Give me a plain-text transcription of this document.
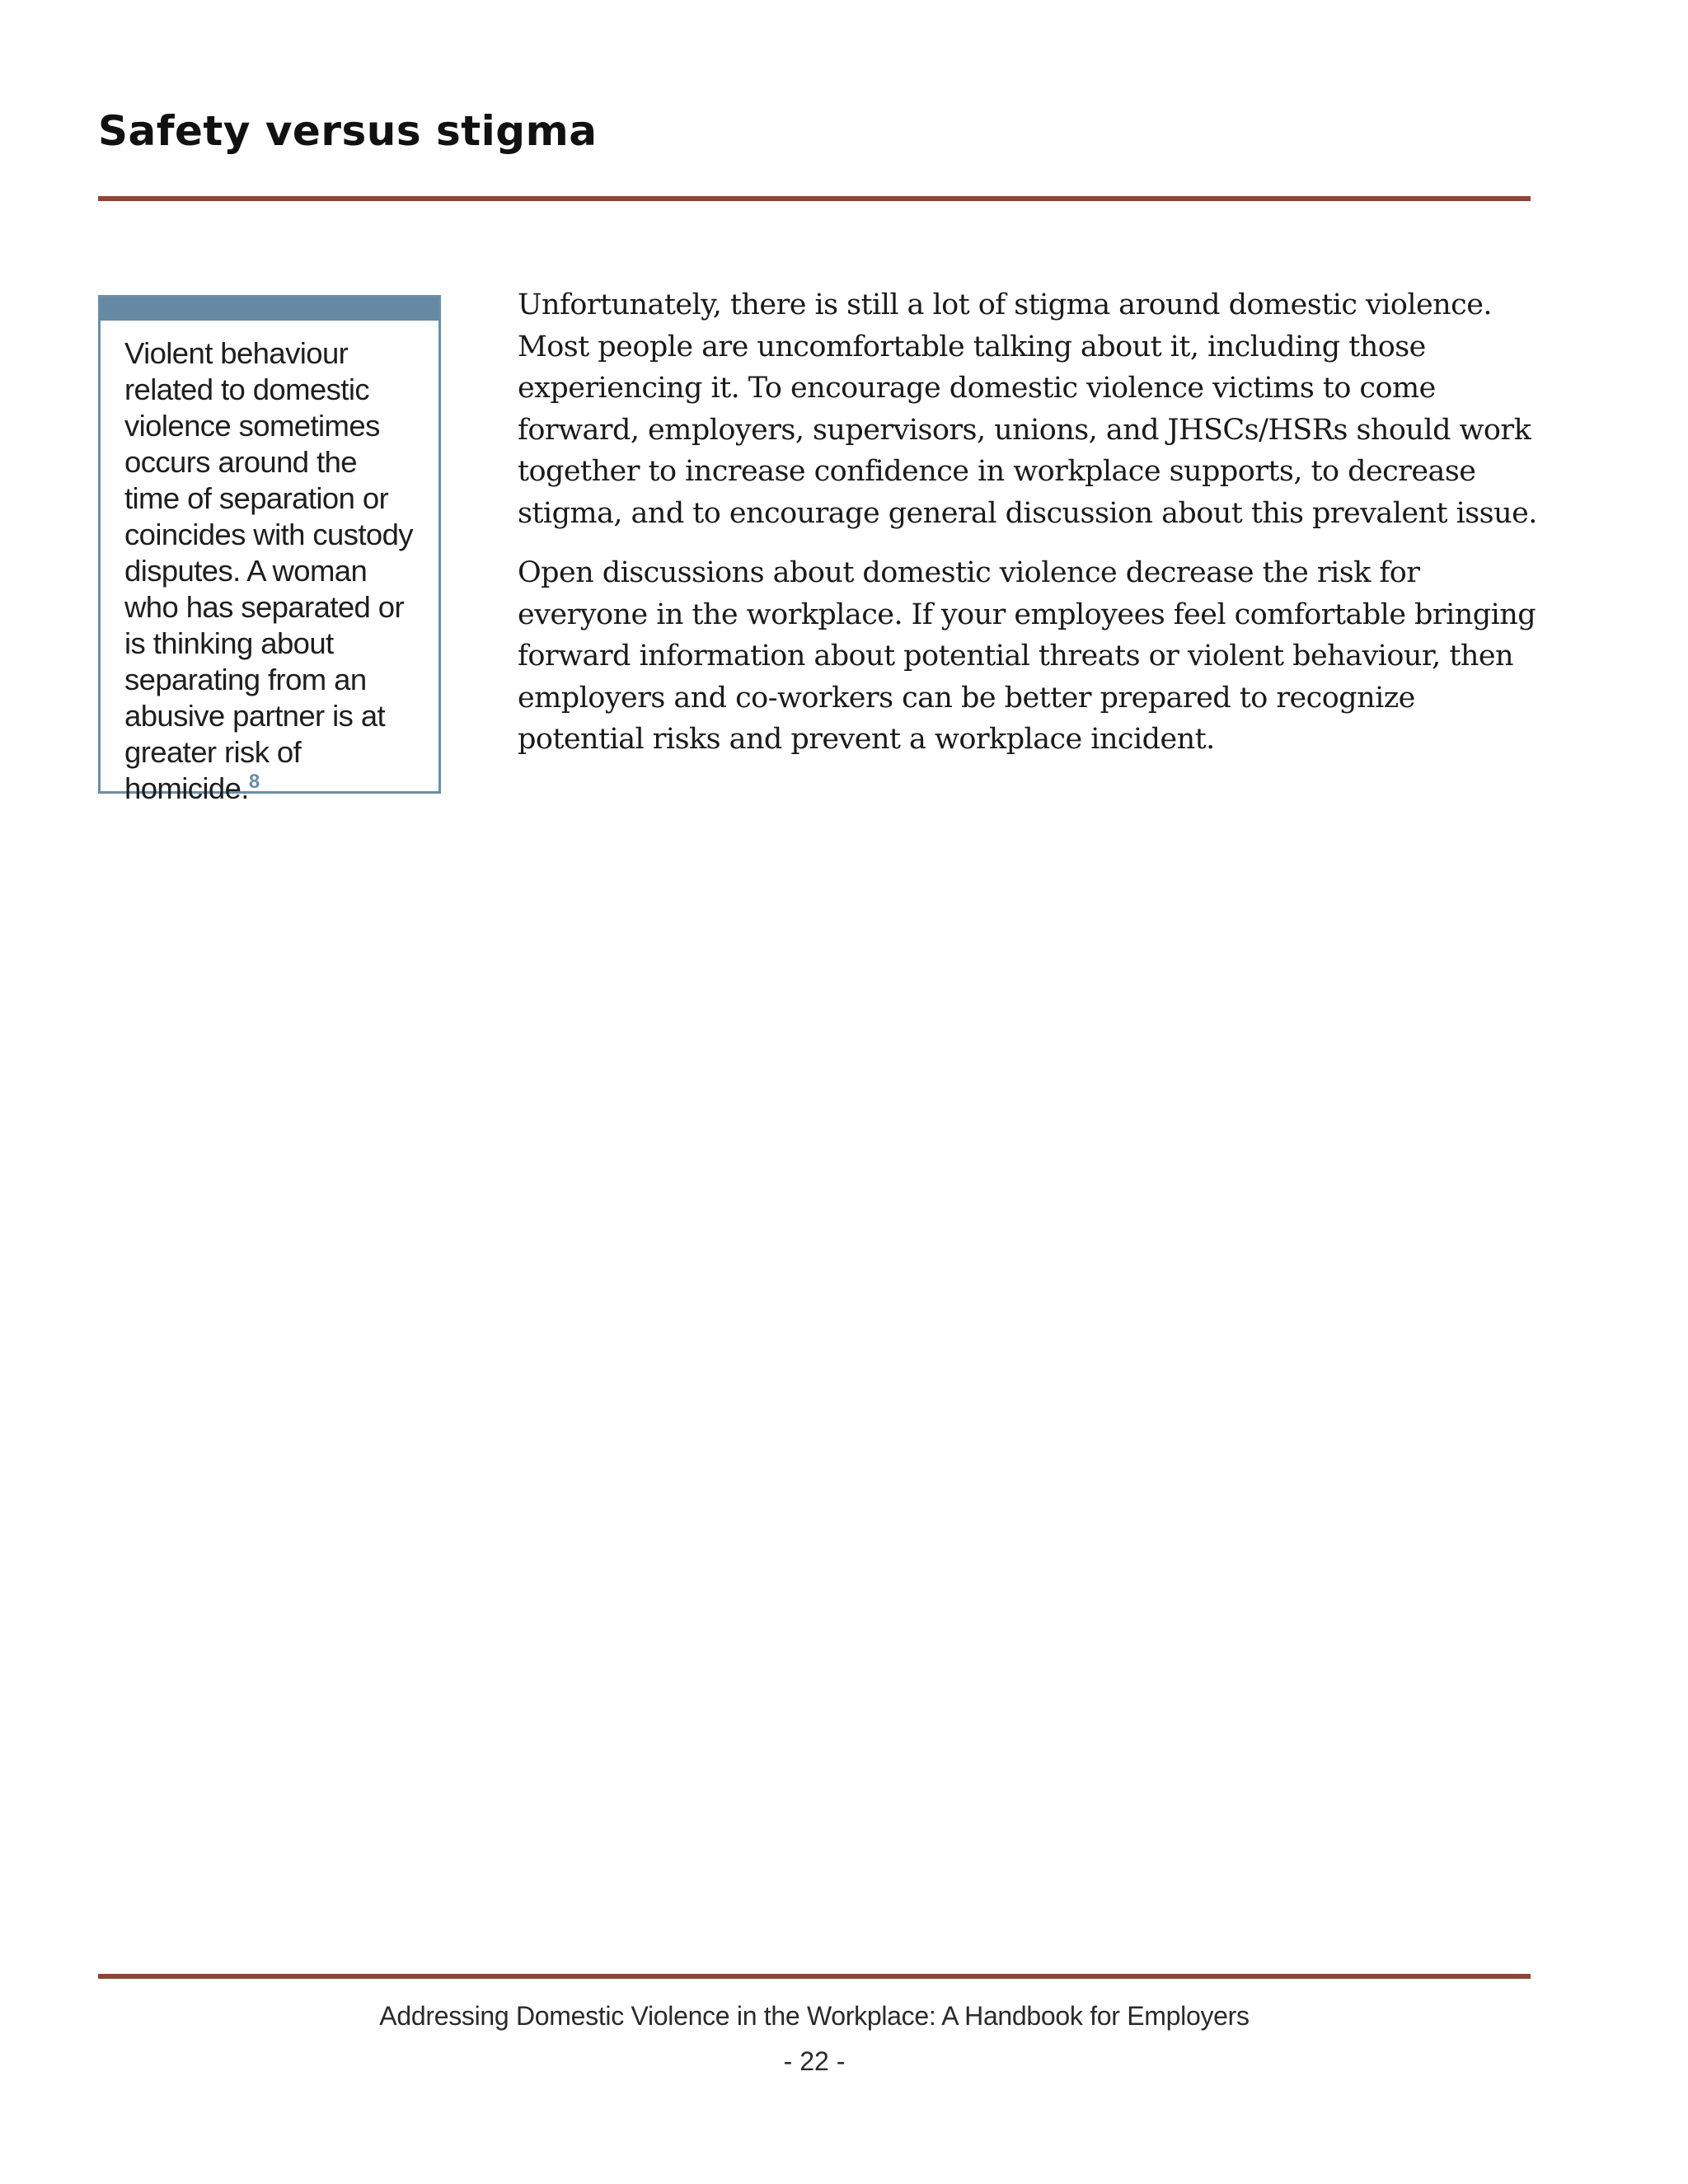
Safety versus stigma

Violent behaviour related to domestic violence sometimes occurs around the time of separation or coincides with custody disputes. A woman who has separated or is thinking about separating from an abusive partner is at greater risk of homicide.$^8$

Unfortunately, there is still a lot of stigma around domestic violence. Most people are uncomfortable talking about it, including those experiencing it. To encourage domestic violence victims to come forward, employers, supervisors, unions, and JHSCs/HSRs should work together to increase confidence in workplace supports, to decrease stigma, and to encourage general discussion about this prevalent issue.

Open discussions about domestic violence decrease the risk for everyone in the workplace. If your employees feel comfortable bringing forward information about potential threats or violent behaviour, then employers and co-workers can be better prepared to recognize potential risks and prevent a workplace incident.

Addressing Domestic Violence in the Workplace: A Handbook for Employers
- 22 -
